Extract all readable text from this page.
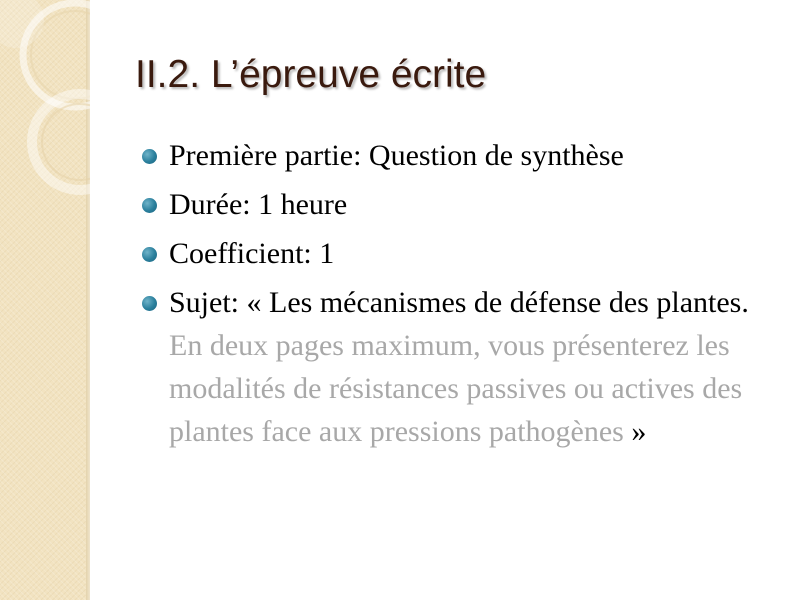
II.2. L’épreuve écrite
Première partie: Question de synthèse
Durée: 1 heure
Coefficient: 1
Sujet: « Les mécanismes de défense des plantes. En deux pages maximum, vous présenterez les modalités de résistances passives ou actives des plantes face aux pressions pathogènes »
